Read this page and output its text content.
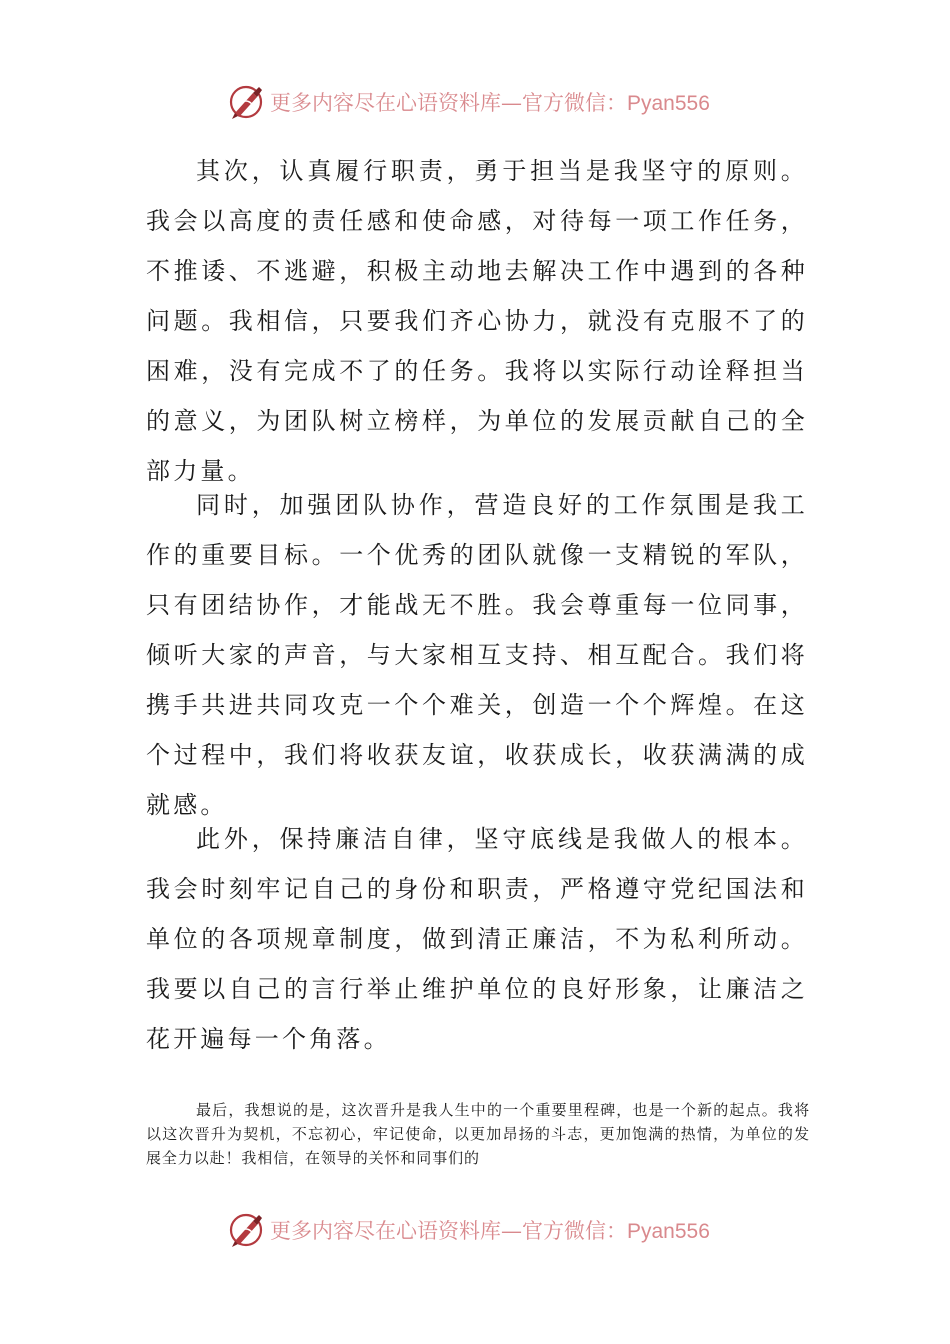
更多内容尽在心语资料库—官方微信：Pyan556

其次，认真履行职责，勇于担当是我坚守的原则。我会以高度的责任感和使命感，对待每一项工作任务，不推诿、不逃避，积极主动地去解决工作中遇到的各种问题。我相信，只要我们齐心协力，就没有克服不了的困难，没有完成不了的任务。我将以实际行动诠释担当的意义，为团队树立榜样，为单位的发展贡献自己的全部力量。

同时，加强团队协作，营造良好的工作氛围是我工作的重要目标。一个优秀的团队就像一支精锐的军队，只有团结协作，才能战无不胜。我会尊重每一位同事，倾听大家的声音，与大家相互支持、相互配合。我们将携手共进共同攻克一个个难关，创造一个个辉煌。在这个过程中，我们将收获友谊，收获成长，收获满满的成就感。

此外，保持廉洁自律，坚守底线是我做人的根本。我会时刻牢记自己的身份和职责，严格遵守党纪国法和单位的各项规章制度，做到清正廉洁，不为私利所动。我要以自己的言行举止维护单位的良好形象，让廉洁之花开遍每一个角落。

最后，我想说的是，这次晋升是我人生中的一个重要里程碑，也是一个新的起点。我将以这次晋升为契机，不忘初心，牢记使命，以更加昂扬的斗志，更加饱满的热情，为单位的发展全力以赴！我相信，在领导的关怀和同事们的

更多内容尽在心语资料库—官方微信：Pyan556
